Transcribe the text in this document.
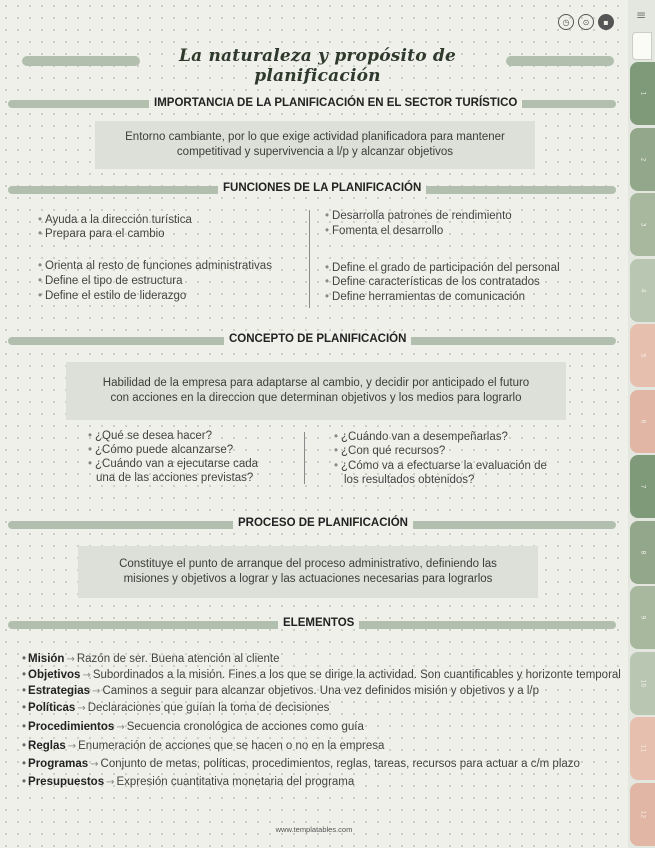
◷	⊙	▪	≡
1
2
3
4
5
6
7
8
9
10
11
12
La naturaleza y propósito de planificación
IMPORTANCIA DE LA PLANIFICACIÓN EN EL SECTOR TURÍSTICO
Entorno cambiante, por lo que exige actividad planificadora para mantener
competitivad y supervivencia a l/p y alcanzar objetivos
FUNCIONES DE LA PLANIFICACIÓN
• Ayuda a la dirección turística
• Prepara para el cambio
• Orienta al resto de funciones administrativas
• Define el tipo de estructura
• Define el estilo de liderazgo
• Desarrolla patrones de rendimiento
• Fomenta el desarrollo
• Define el grado de participación del personal
• Define características de los contratados
• Define herramientas de comunicación
CONCEPTO DE PLANIFICACIÓN
Habilidad de la empresa para adaptarse al cambio, y decidir por anticipado el futuro
con acciones en la direccion que determinan objetivos y los medios para lograrlo
• ¿Qué se desea hacer?
• ¿Cómo puede alcanzarse?
• ¿Cuándo van a ejecutarse cada
una de las acciones previstas?
• ¿Cuándo van a desempeñarlas?
• ¿Con qué recursos?
• ¿Cómo va a efectuarse la evaluación de
los resultados obtenidos?
PROCESO DE PLANIFICACIÓN
Constituye el punto de arranque del proceso administrativo, definiendo las
misiones y objetivos a lograr y las actuaciones necesarias para lograrlos
ELEMENTOS
• Misión → Razón de ser. Buena atención al cliente
• Objetivos → Subordinados a la misión. Fines a los que se dirige la actividad. Son cuantificables y horizonte temporal
• Estrategias → Caminos a seguir para alcanzar objetivos. Una vez definidos misión y objetivos y a l/p
• Políticas → Declaraciones que guían la toma de decisiones
• Procedimientos → Secuencia cronológica de acciones como guía
• Reglas → Enumeración de acciones que se hacen o no en la empresa
• Programas → Conjunto de metas, políticas, procedimientos, reglas, tareas, recursos para actuar a c/m plazo
• Presupuestos → Expresión cuantitativa monetaria del programa
www.templatables.com
